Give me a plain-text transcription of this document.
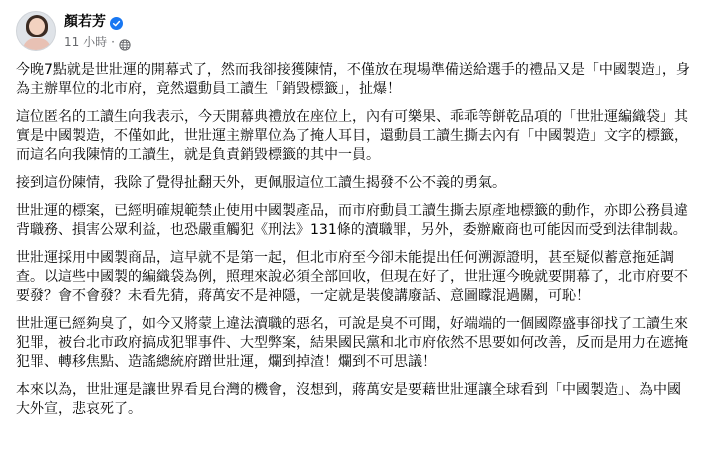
顏若芳
11 小時 ·

今晚7點就是世壯運的開幕式了，然而我卻接獲陳情，不僅放在現場準備送給選手的禮品又是「中國製造」，身為主辦單位的北市府，竟然還動員工讀生「銷毀標籤」，扯爆！

這位匿名的工讀生向我表示，今天開幕典禮放在座位上，內有可樂果、乖乖等餅乾品項的「世壯運編織袋」其實是中國製造，不僅如此，世壯運主辦單位為了掩人耳目，還動員工讀生撕去內有「中國製造」文字的標籤，而這名向我陳情的工讀生，就是負責銷毀標籤的其中一員。

接到這份陳情，我除了覺得扯翻天外，更佩服這位工讀生揭發不公不義的勇氣。

世壯運的標案，已經明確規範禁止使用中國製產品，而市府動員工讀生撕去原產地標籤的動作，亦即公務員違背職務、損害公眾利益，也恐嚴重觸犯《刑法》131條的瀆職罪，另外，委辦廠商也可能因而受到法律制裁。

世壯運採用中國製商品，這早就不是第一起，但北市府至今卻未能提出任何溯源證明，甚至疑似蓄意拖延調查。以這些中國製的編織袋為例，照理來說必須全部回收，但現在好了，世壯運今晚就要開幕了，北市府要不要發？會不會發？未看先猜，蔣萬安不是神隱，一定就是裝傻講廢話、意圖矇混過關，可恥！

世壯運已經夠臭了，如今又將蒙上違法瀆職的惡名，可說是臭不可聞，好端端的一個國際盛事卻找了工讀生來犯罪，被台北市政府搞成犯罪事件、大型弊案，結果國民黨和北市府依然不思要如何改善，反而是用力在遮掩犯罪、轉移焦點、造謠總統府蹭世壯運，爛到掉渣！爛到不可思議！

本來以為，世壯運是讓世界看見台灣的機會，沒想到，蔣萬安是要藉世壯運讓全球看到「中國製造」、為中國大外宣，悲哀死了。
